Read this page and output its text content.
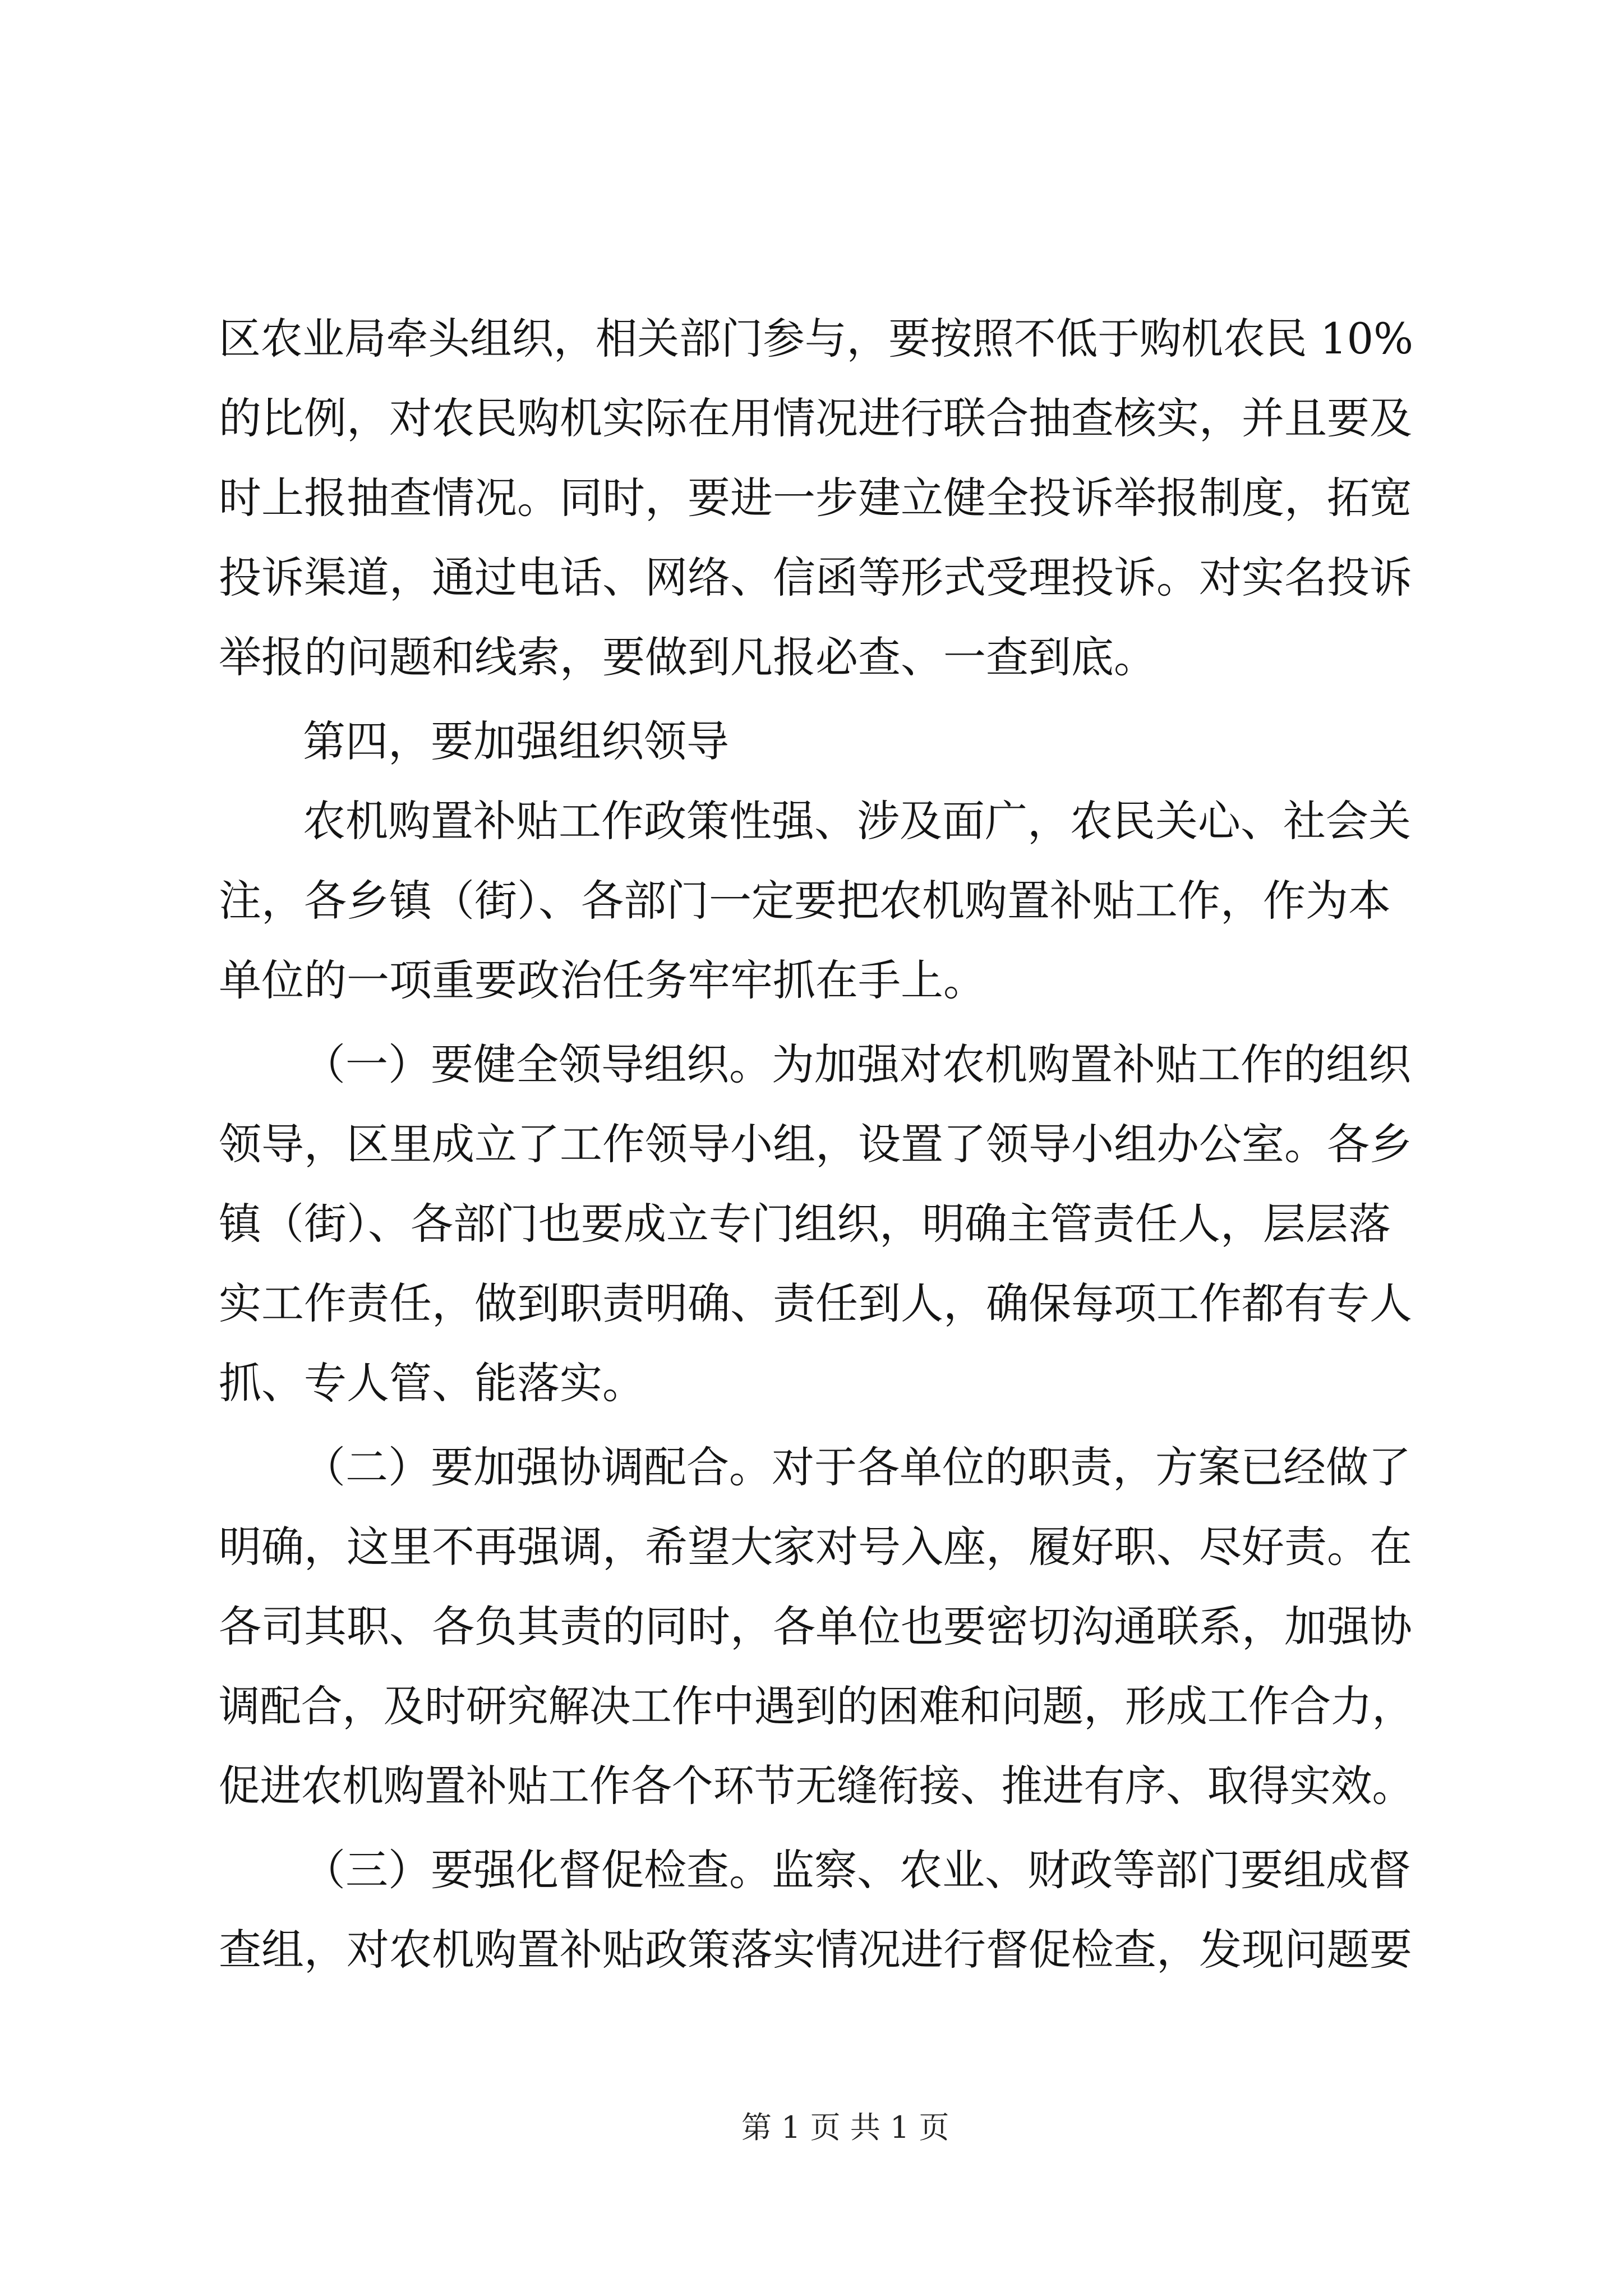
区农业局牵头组织，相关部门参与，要按照不低于购机农民 10%

的比例，对农民购机实际在用情况进行联合抽查核实，并且要及

时上报抽查情况。同时，要进一步建立健全投诉举报制度，拓宽

投诉渠道，通过电话、网络、信函等形式受理投诉。对实名投诉

举报的问题和线索，要做到凡报必查、一查到底。

第四，要加强组织领导

农机购置补贴工作政策性强、涉及面广，农民关心、社会关

注，各乡镇（街）、各部门一定要把农机购置补贴工作，作为本

单位的一项重要政治任务牢牢抓在手上。

（一）要健全领导组织。为加强对农机购置补贴工作的组织

领导，区里成立了工作领导小组，设置了领导小组办公室。各乡

镇（街）、各部门也要成立专门组织，明确主管责任人，层层落

实工作责任，做到职责明确、责任到人，确保每项工作都有专人

抓、专人管、能落实。

（二）要加强协调配合。对于各单位的职责，方案已经做了

明确，这里不再强调，希望大家对号入座，履好职、尽好责。在

各司其职、各负其责的同时，各单位也要密切沟通联系，加强协

调配合，及时研究解决工作中遇到的困难和问题，形成工作合力，

促进农机购置补贴工作各个环节无缝衔接、推进有序、取得实效。

（三）要强化督促检查。监察、农业、财政等部门要组成督

查组，对农机购置补贴政策落实情况进行督促检查，发现问题要

第 1 页 共 1 页
